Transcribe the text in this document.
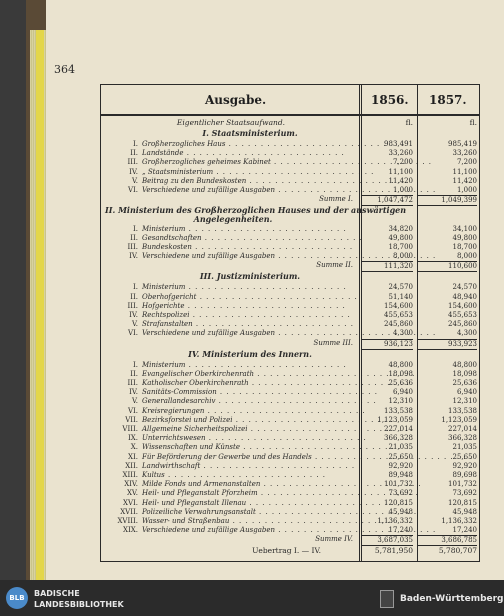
364
Ausgabe.	1856. 1857.
Eigentlicher Staatsaufwand.	fl.	fl.
I. Staatsministerium.
I. Großherzogliches Haus . . .	983,491	985,419
II. Landstände . . .	33,260	33,260
III. Großherzogliches geheimes Kabinet . . .	7,200	7,200
IV. „ Staatsministerium . . .	11,100	11,100
V. Beitrag zu den Bundeskosten . . .	11,420	11,420
VI. Verschiedene und zufällige Ausgaben . . .	1,000	1,000
Summe I.	1,047,472	1,049,399
II. Ministerium des Großherzoglichen Hauses und der auswärtigen
Angelegenheiten.
I. Ministerium . . .	34,820	34,100
II. Gesandtschaften . . .	49,800	49,800
III. Bundeskosten . . .	18,700	18,700
IV. Verschiedene und zufällige Ausgaben . . .	8,000	8,000
Summe II.	111,320	110,600
III. Justizministerium.
I. Ministerium . . .	24,570	24,570
II. Oberhofgericht . . .	51,140	48,940
III. Hofgerichte . . .	154,600	154,600
IV. Rechtspolizei . . .	455,653	455,653
V. Strafanstalten . . .	245,860	245,860
VI. Verschiedene und zufällige Ausgaben . . .	4,300	4,300
Summe III.	936,123	933,923
IV. Ministerium des Innern.
I. Ministerium . . .	48,800	48,800
II. Evangelischer Oberkirchenrath . . .	18,098	18,098
III. Katholischer Oberkirchenrath . . .	25,636	25,636
IV. Sanitäts-Commission . . .	6,940	6,940
V. Generallandesarchiv . . .	12,310	12,310
VI. Kreisregierungen . . .	133,538	133,538
VII. Bezirksforstei und Polizei . . .	1,123,059	1,123,059
VIII. Allgemeine Sicherheitspolizei . . .	227,014	227,014
IX. Unterrichtswesen . . .	366,328	366,328
X. Wissenschaften und Künste . . .	21,035	21,035
XI. Für Beförderung der Gewerbe und des Handels . . .	25,650	25,650
XII. Landwirthschaft . . .	92,920	92,920
XIII. Kultus . . .	89,948	89,698
XIV. Milde Fonds und Armenanstalten . . .	101,732	101,732
XV. Heil- und Pfleganstalt Pforzheim . . .	73,692	73,692
XVI. Heil- und Pfleganstalt Illenau . . .	120,815	120,815
XVII. Polizeiliche Verwahrungsanstalt . . .	45,948	45,948
XVIII. Wasser- und Straßenbau . . .	1,136,332	1,136,332
XIX. Verschiedene und zufällige Ausgaben . . .	17,240	17,240
Summe IV.	3,687,035	3,686,785
Uebertrag I. — IV.	5,781,950	5,780,707
BLB	BADISCHE
LANDESBIBLIOTHEK
Baden-Württemberg
